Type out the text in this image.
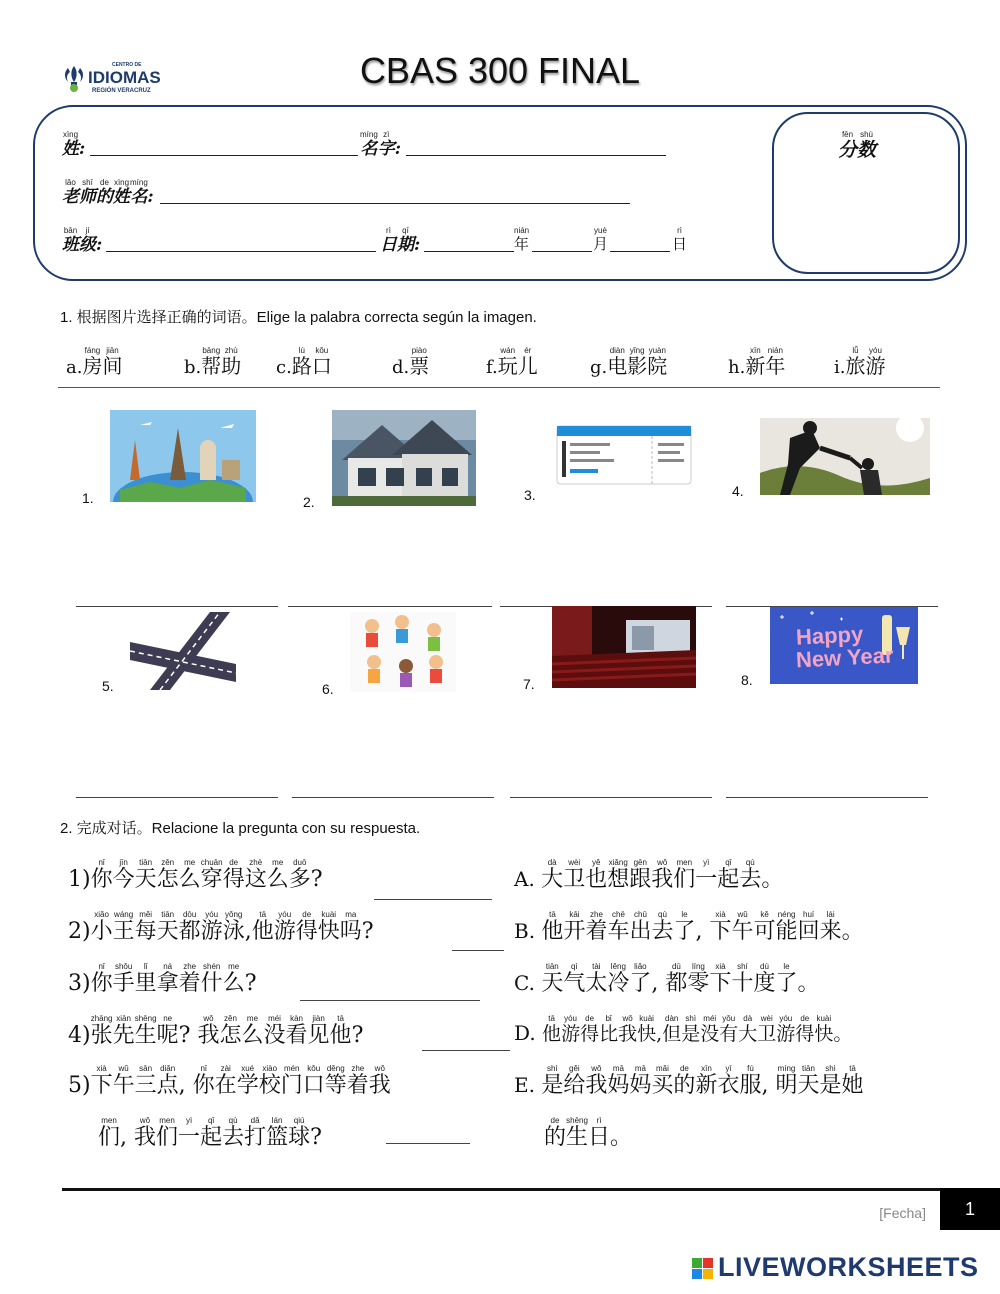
CBAS 300 FINAL
CENTRO DE
IDIOMAS
REGIÓN VERACRUZ
姓xìng:	名míng字zì:
老lǎo师shī的de姓xìng名míng:
班bān级jí:	日rì期qī:	年nián
月yuè
日rì
分fēn数shù
1. 根据图片选择正确的词语。Elige la palabra correcta según la imagen.
a.房fáng间jiān
b.帮bāng助zhù
c.路lù口kǒu
d.票piào
f.玩wán儿ér
g.电diàn影yǐng院yuàn
h.新xīn年nián
i.旅lǚ游yóu
1.	2.	3.	4.
5.	6.	7.
Happy
New Year
8.
2. 完成对话。Relacione la pregunta con su respuesta.
1)你nǐ今jīn天tiān怎zěn么me穿chuān得de这zhè么me多duō?
2)小xiǎo王wáng每měi天tiān都dōu游yóu泳yǒng,他tā游yóu得de快kuài吗ma?
3)你nǐ手shǒu里lǐ拿ná着zhe什shén么me?
4)张zhāng先xiān生shēng呢ne? 我wǒ怎zěn么me没méi看kàn见jiàn他tā?
5)下xià午wǔ三sān点diǎn, 你nǐ在zài学xué校xiào门mén口kǒu等děng着zhe我wǒ
们men, 我wǒ们men一yì起qǐ去qù打dǎ篮lán球qiú?
A. 大dà卫wèi也yě想xiǎng跟gēn我wǒ们men一yì起qǐ去qù。
B. 他tā开kāi着zhe车chē出chū去qù了le, 下xià午wǔ可kě能néng回huí来lái。
C. 天tiān气qì太tài冷lěng了liǎo, 都dū零líng下xià十shí度dù了le。
D. 他tā游yóu得de比bǐ我wǒ快kuài,但dàn是shì没méi有yǒu大dà卫wèi游yóu得de快kuài。
E. 是shì给gěi我wǒ妈mā妈mā买mǎi的de新xīn衣yī服fú, 明míng天tiān是shì她tā
的de生shēng日rì。
[Fecha]	1
LIVEWORKSHEETS
